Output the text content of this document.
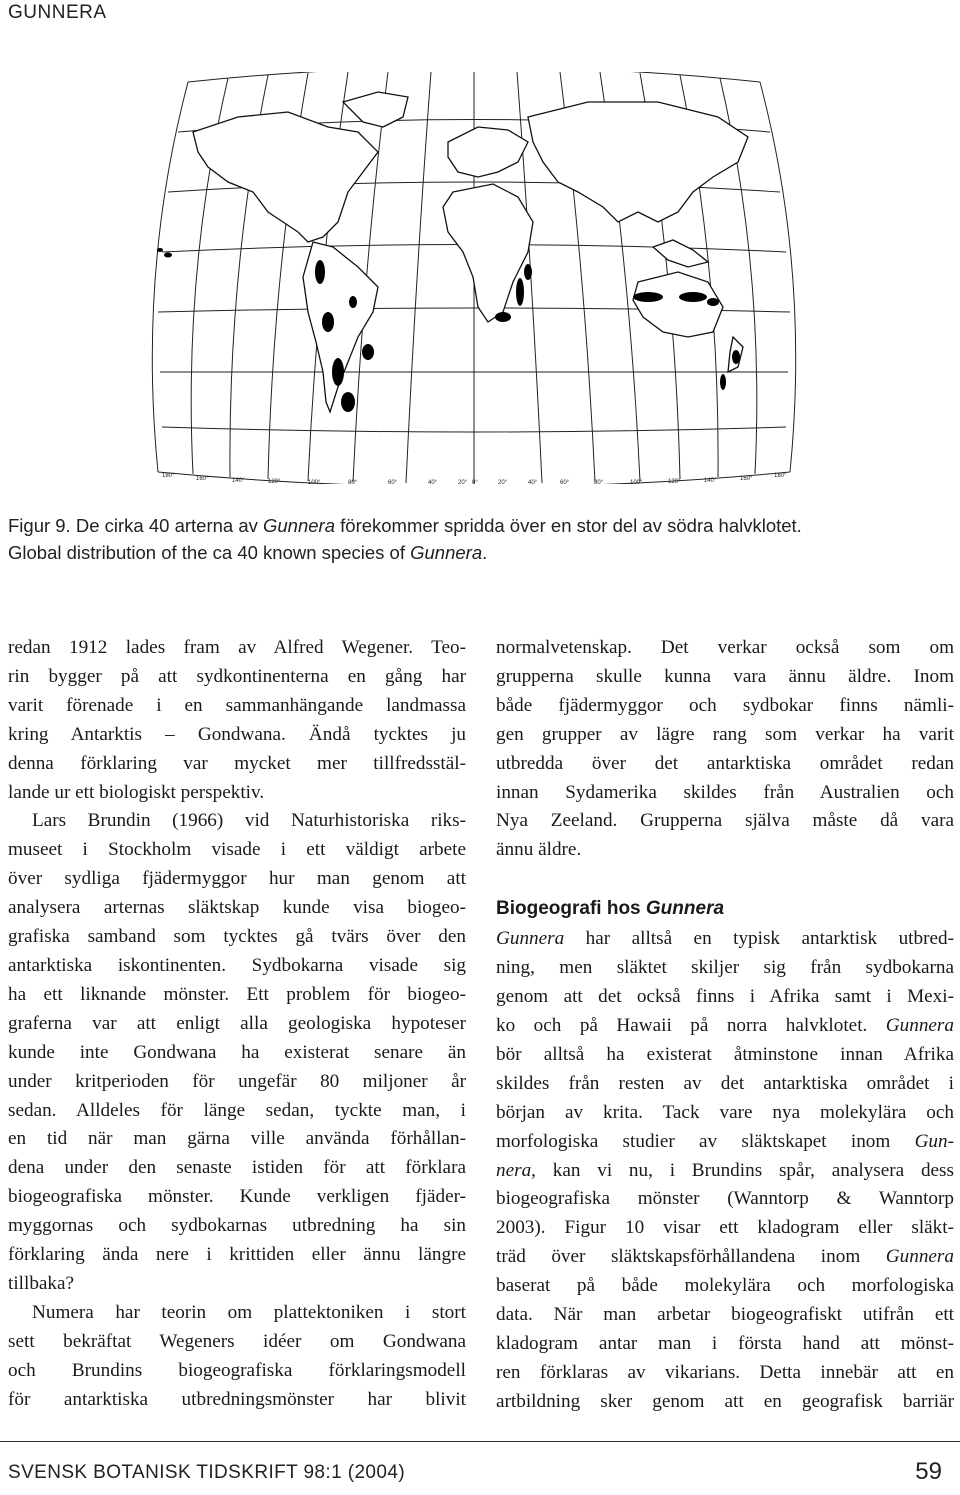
GUNNERA
180°	160°	140°	120°	100°	80°	60°	40°	20° 0°	20°	40°	60°	80°	100°	120°	140°	160°	180°

Figur 9. De cirka 40 arterna av Gunnera förekommer spridda över en stor del av södra halvklotet.

Global distribution of the ca 40 known species of Gunnera.

redan 1912 lades fram av Alfred Wegener. Teo-
rin bygger på att sydkontinenterna en gång har
varit förenade i en sammanhängande landmassa
kring Antarktis – Gondwana. Ändå tycktes ju
denna förklaring var mycket mer tillfredsstäl-
lande ur ett biologiskt perspektiv.

Lars Brundin (1966) vid Naturhistoriska riks-
museet i Stockholm visade i ett väldigt arbete
över sydliga fjädermyggor hur man genom att
analysera arternas släktskap kunde visa biogeo-
grafiska samband som tycktes gå tvärs över den
antarktiska iskontinenten. Sydbokarna visade sig
ha ett liknande mönster. Ett problem för biogeo-
graferna var att enligt alla geologiska hypoteser
kunde inte Gondwana ha existerat senare än
under kritperioden för ungefär 80 miljoner år
sedan. Alldeles för länge sedan, tyckte man, i
en tid när man gärna ville använda förhållan-
dena under den senaste istiden för att förklara
biogeografiska mönster. Kunde verkligen fjäder-
myggornas och sydbokarnas utbredning ha sin
förklaring ända nere i krittiden eller ännu längre
tillbaka?

Numera har teorin om plattektoniken i stort
sett bekräftat Wegeners idéer om Gondwana
och Brundins biogeografiska förklaringsmodell
för antarktiska utbredningsmönster har blivit

normalvetenskap. Det verkar också som om
grupperna skulle kunna vara ännu äldre. Inom
både fjädermyggor och sydbokar finns nämli-
gen grupper av lägre rang som verkar ha varit
utbredda över det antarktiska området redan
innan Sydamerika skildes från Australien och
Nya Zeeland. Grupperna själva måste då vara
ännu äldre.

Biogeografi hos Gunnera

Gunnera har alltså en typisk antarktisk utbred-
ning, men släktet skiljer sig från sydbokarna
genom att det också finns i Afrika samt i Mexi-
ko och på Hawaii på norra halvklotet. Gunnera
bör alltså ha existerat åtminstone innan Afrika
skildes från resten av det antarktiska området i
början av krita. Tack vare nya molekylära och
morfologiska studier av släktskapet inom Gun-
nera, kan vi nu, i Brundins spår, analysera dess
biogeografiska mönster (Wanntorp & Wanntorp
2003). Figur 10 visar ett kladogram eller släkt-
träd över släktskapsförhållandena inom Gunnera
baserat på både molekylära och morfologiska
data. När man arbetar biogeografiskt utifrån ett
kladogram antar man i första hand att mönst-
ren förklaras av vikarians. Detta innebär att en
artbildning sker genom att en geografisk barriär

SVENSK BOTANISK TIDSKRIFT 98:1 (2004)	59
